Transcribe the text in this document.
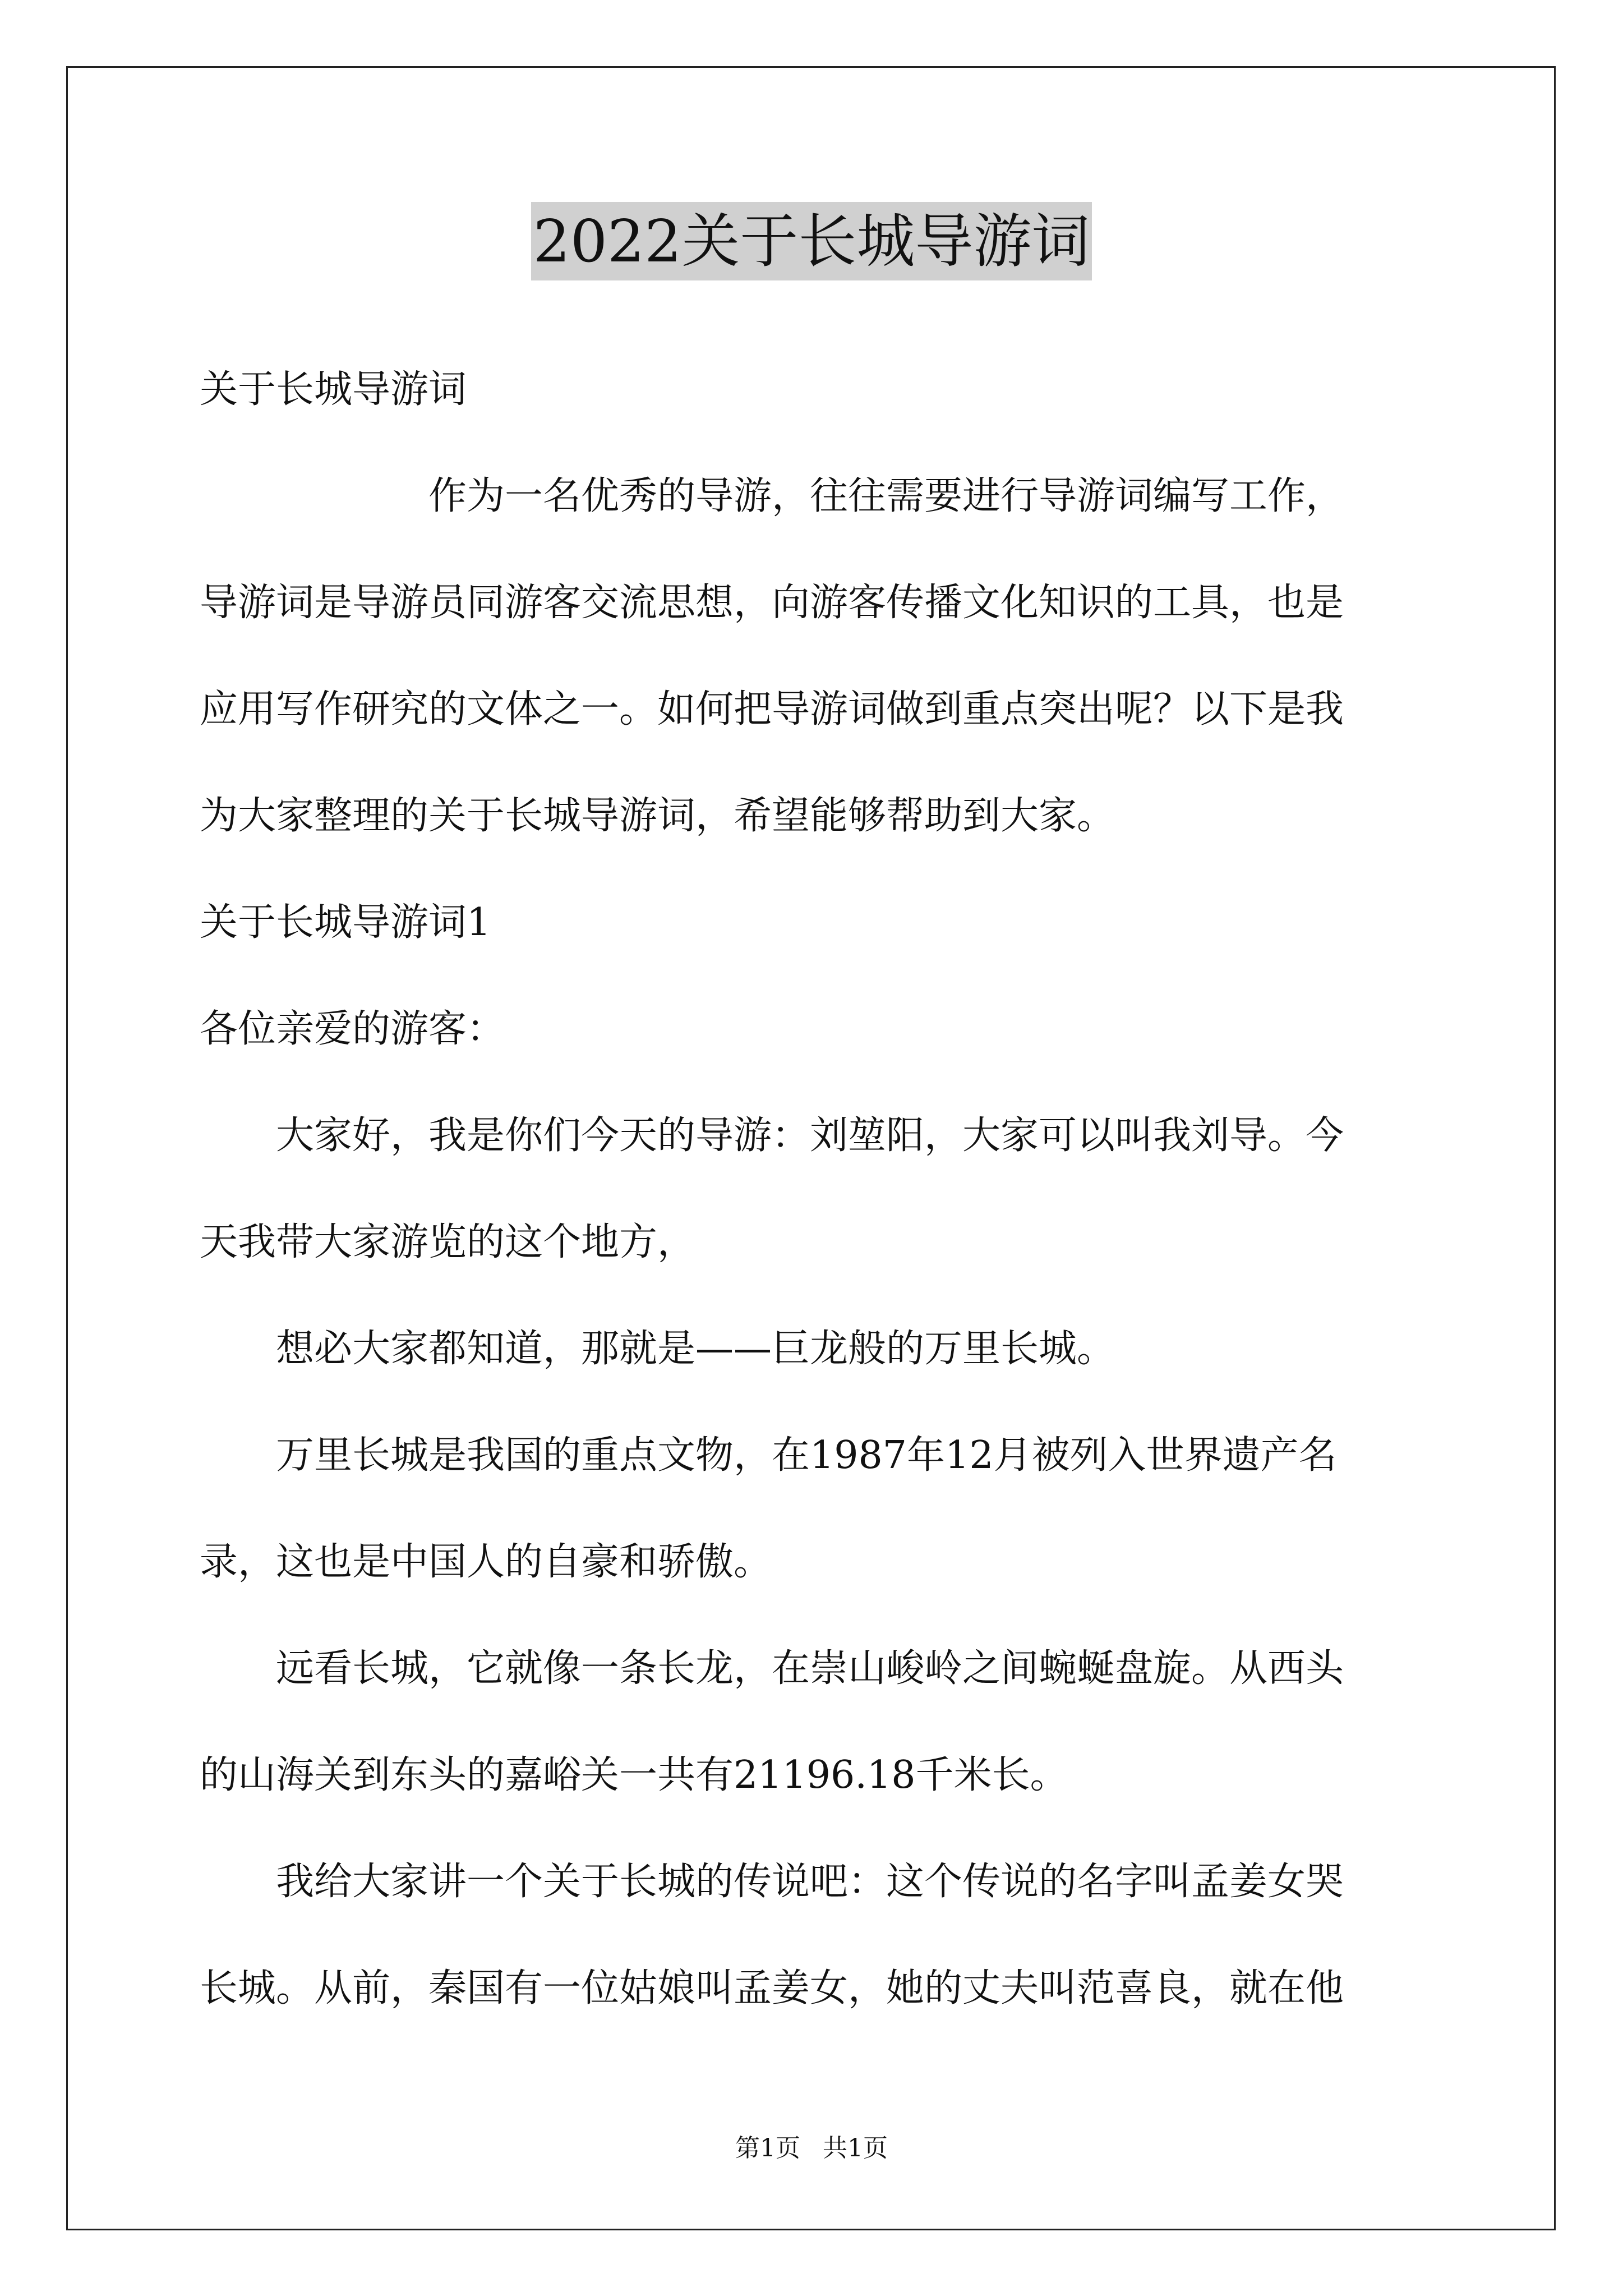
2022关于长城导游词
关于长城导游词
　　　　　　作为一名优秀的导游，往往需要进行导游词编写工作，
导游词是导游员同游客交流思想，向游客传播文化知识的工具，也是
应用写作研究的文体之一。如何把导游词做到重点突出呢？以下是我
为大家整理的关于长城导游词，希望能够帮助到大家。
关于长城导游词1
各位亲爱的游客：
　　大家好，我是你们今天的导游：刘堃阳，大家可以叫我刘导。今
天我带大家游览的这个地方，
　　想必大家都知道，那就是——巨龙般的万里长城。
　　万里长城是我国的重点文物，在1987年12月被列入世界遗产名
录，这也是中国人的自豪和骄傲。
　　远看长城，它就像一条长龙，在崇山峻岭之间蜿蜒盘旋。从西头
的山海关到东头的嘉峪关一共有21196.18千米长。
　　我给大家讲一个关于长城的传说吧：这个传说的名字叫孟姜女哭
长城。从前，秦国有一位姑娘叫孟姜女，她的丈夫叫范喜良，就在他
第1页 共1页
